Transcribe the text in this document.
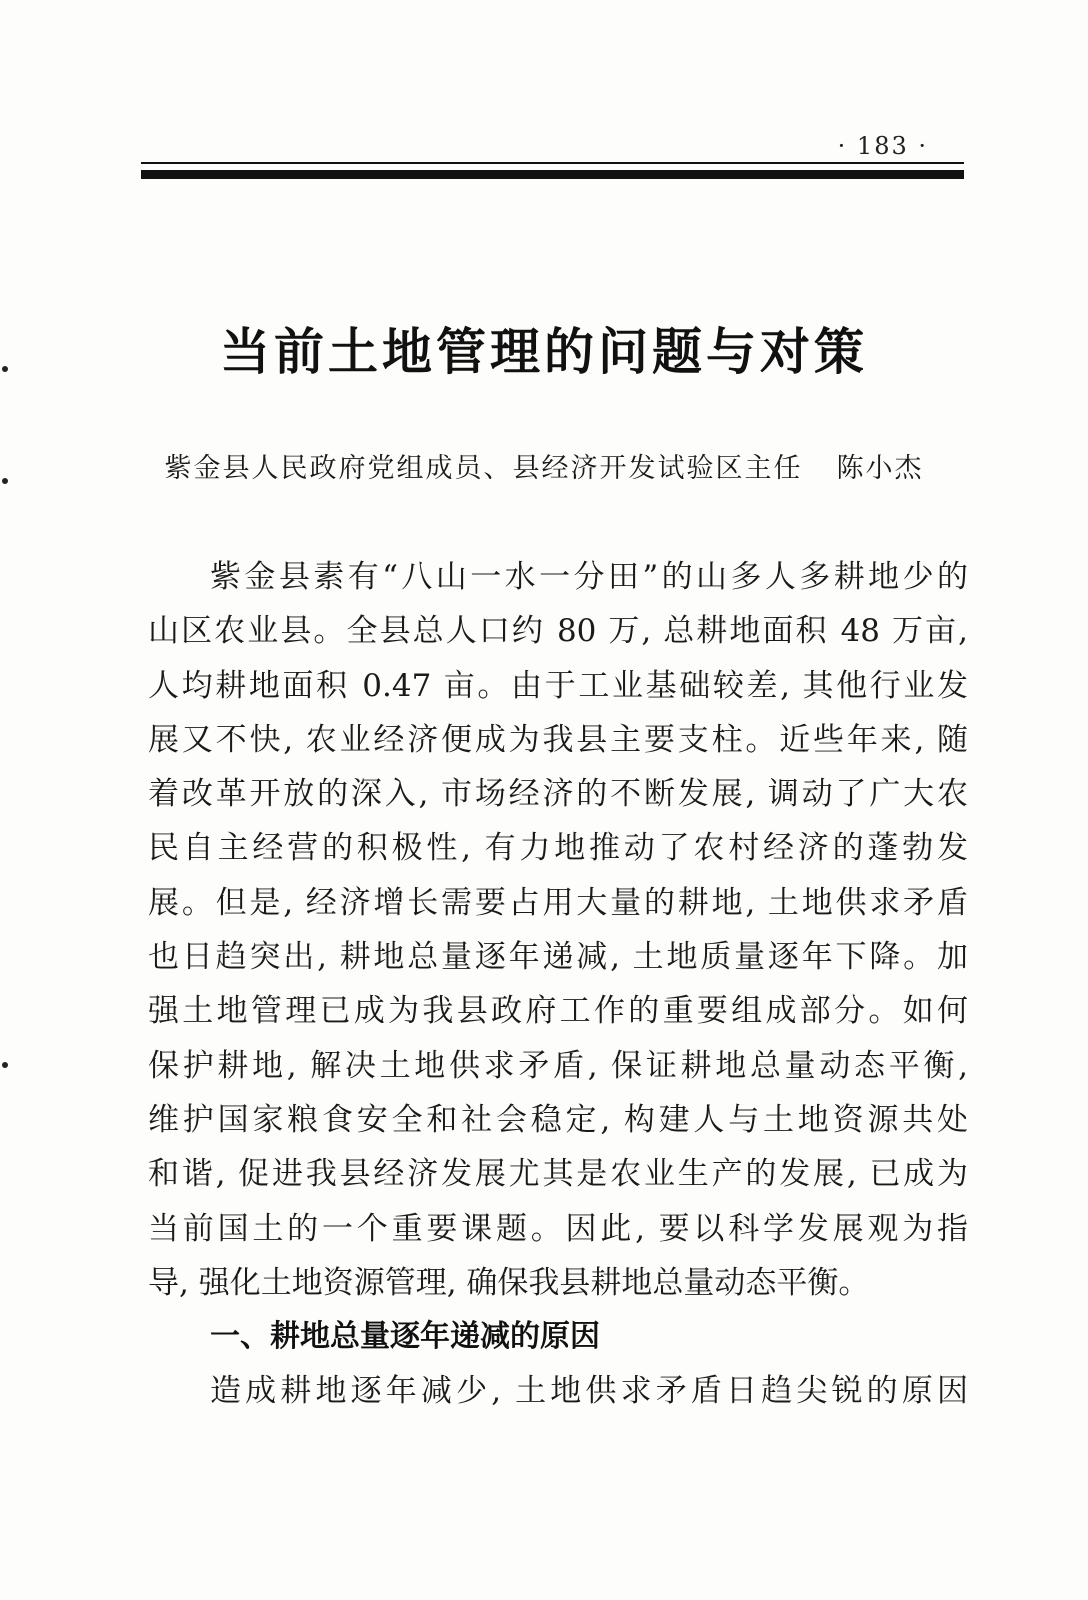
· 183 ·
当前土地管理的问题与对策
紫金县人民政府党组成员、县经济开发试验区主任 陈小杰
紫金县素有“八山一水一分田”的山多人多耕地少的
山区农业县。全县总人口约 80 万, 总耕地面积 48 万亩,
人均耕地面积 0.47 亩。由于工业基础较差, 其他行业发
展又不快, 农业经济便成为我县主要支柱。近些年来, 随
着改革开放的深入, 市场经济的不断发展, 调动了广大农
民自主经营的积极性, 有力地推动了农村经济的蓬勃发
展。但是, 经济增长需要占用大量的耕地, 土地供求矛盾
也日趋突出, 耕地总量逐年递减, 土地质量逐年下降。加
强土地管理已成为我县政府工作的重要组成部分。如何
保护耕地, 解决土地供求矛盾, 保证耕地总量动态平衡,
维护国家粮食安全和社会稳定, 构建人与土地资源共处
和谐, 促进我县经济发展尤其是农业生产的发展, 已成为
当前国土的一个重要课题。因此, 要以科学发展观为指
导, 强化土地资源管理, 确保我县耕地总量动态平衡。
一、耕地总量逐年递减的原因
造成耕地逐年减少, 土地供求矛盾日趋尖锐的原因
